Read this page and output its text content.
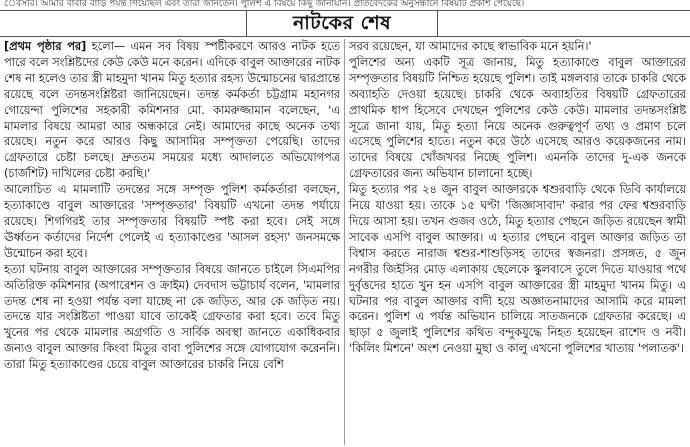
ৈবসার। আমার বাবার বাড়ি পর্যন্ত গিয়েছিল এবং তারা জানতেন। পুলিশ এ বিষয়ে কিছু জানায়নি। প্রতিবেদকের অনুসন্ধানে বিষয়টি প্রকাশ পেয়েছে।
নাটকের শেষ

[প্রথম পৃষ্ঠার পর] হলো— এমন সব বিষয় স্পষ্টীকরণে আরও নাটক হতে পারে বলে সংশ্লিষ্টদের কেউ কেউ মনে করেন। এদিকে বাবুল আক্তারের নাটক শেষ না হলেও তার স্ত্রী মাহমুদা খানম মিতু হত্যার রহস্য উন্মোচনের দ্বারপ্রান্তে রয়েছে বলে তদন্তসংশ্লিষ্টরা জানিয়েছেন। তদন্ত কর্মকর্তা চট্টগ্রাম মহানগর গোয়েন্দা পুলিশের সহকারী কমিশনার মো. কামরুজ্জামান বলেছেন, 'এ মামলার বিষয়ে আমরা আর অন্ধকারে নেই। আমাদের কাছে অনেক তথ্য রয়েছে। নতুন করে আরও কিছু আসামির সম্পৃক্ততা পেয়েছি। তাদের গ্রেফতারে চেষ্টা চলছে। দ্রুততম সময়ের মধ্যে আদালতে অভিযোগপত্র (চার্জশিট) দাখিলের চেষ্টা করছি।'

আলোচিত এ মামলাটি তদন্তের সঙ্গে সম্পৃক্ত পুলিশ কর্মকর্তারা বলছেন, হত্যাকাণ্ডে বাবুল আক্তারের 'সম্পৃক্ততার' বিষয়টি এখনো তদন্ত পর্যায়ে রয়েছে। শিগগিরই তার সম্পৃক্ততার বিষয়টি স্পষ্ট করা হবে। সেই সঙ্গে ঊর্ধ্বতন কর্তাদের নির্দেশ পেলেই এ হত্যাকাণ্ডের 'আসল রহস্য' জনসমক্ষে উন্মোচন করা হবে।

হত্যা ঘটনায় বাবুল আক্তারের সম্পৃক্ততার বিষয়ে জানতে চাইলে সিএমপির অতিরিক্ত কমিশনার (অপারেশন ও ক্রাইম) দেবদাস ভট্টাচার্য বলেন, 'মামলার তদন্ত শেষ না হওয়া পর্যন্ত বলা যাচ্ছে না কে জড়িত, আর কে জড়িত নয়। তদন্তে যার সংশ্লিষ্টতা পাওয়া যাবে তাকেই গ্রেফতার করা হবে। তবে মিতু খুনের পর থেকে মামলার অগ্রগতি ও সার্বিক অবস্থা জানতে একাধিকবার জন্যও বাবুল আক্তার কিংবা মিতুর বাবা পুলিশের সঙ্গে যোগাযোগ করেননি। তারা মিতু হত্যাকাণ্ডের চেয়ে বাবুল আক্তারের চাকরি নিয়ে বেশি

সরব রয়েছেন, যা আমাদের কাছে স্বাভাবিক মনে হয়নি।'

পুলিশের অন্য একটি সূত্র জানায়, মিতু হত্যাকাণ্ডে বাবুল আক্তারের সম্পৃক্ততার বিষয়টি নিশ্চিত হয়েছে পুলিশ। তাই মঙ্গলবার তাকে চাকরি থেকে অব্যাহতি দেওয়া হয়েছে। চাকরি থেকে অব্যাহতির বিষয়টি গ্রেফতারের প্রাথমিক ধাপ হিসেবে দেখছেন পুলিশের কেউ কেউ। মামলার তদন্তসংশ্লিষ্ট সূত্রে জানা যায়, মিতু হত্যা নিয়ে অনেক গুরুত্বপূর্ণ তথ্য ও প্রমাণ চলে এসেছে পুলিশের হাতে। নতুন করে উঠে এসেছে আরও কয়েকজনের নাম। তাদের বিষয়ে খোঁজখবর নিচ্ছে পুলিশ। এমনকি তাদের দু-এক জনকে গ্রেফতারের জন্য অভিযান চালানো হচ্ছে।

মিতু হত্যার পর ২৪ জুন বাবুল আক্তারকে শ্বশুরবাড়ি থেকে ডিবি কার্যালয়ে নিয়ে যাওয়া হয়। তাকে ১৫ ঘণ্টা 'জিজ্ঞাসাবাদ' করার পর ফের শ্বশুরবাড়ি দিয়ে আসা হয়। তখন গুজব ওঠে, মিতু হত্যার পেছনে জড়িত রয়েছেন স্বামী সাবেক এসপি বাবুল আক্তার। এ হত্যার পেছনে বাবুল আক্তার জড়িত তা বিশ্বাস করতে নারাজ শ্বশুর-শাশুড়িসহ তাদের স্বজনরা। প্রসঙ্গত, ৫ জুন নগরীর জিইসির মোড় এলাকায় ছেলেকে স্কুলবাসে তুলে দিতে যাওয়ার পথে দুর্বৃত্তদের হাতে খুন হন এসপি বাবুল আক্তারের স্ত্রী মাহমুদা খানম মিতু। এ ঘটনার পর বাবুল আক্তার বাদী হয়ে অজ্ঞাতনামাদের আসামি করে মামলা করেন। পুলিশ এ পর্যন্ত অভিযান চালিয়ে সাতজনকে গ্রেফতার করেছে। এ ছাড়া ৫ জুলাই পুলিশের কথিত বন্দুকযুদ্ধে নিহত হয়েছেন রাশেদ ও নবী। 'কিলিং মিশনে' অংশ নেওয়া মুছা ও কালু এখনো পুলিশের খাতায় 'পলাতক'।
